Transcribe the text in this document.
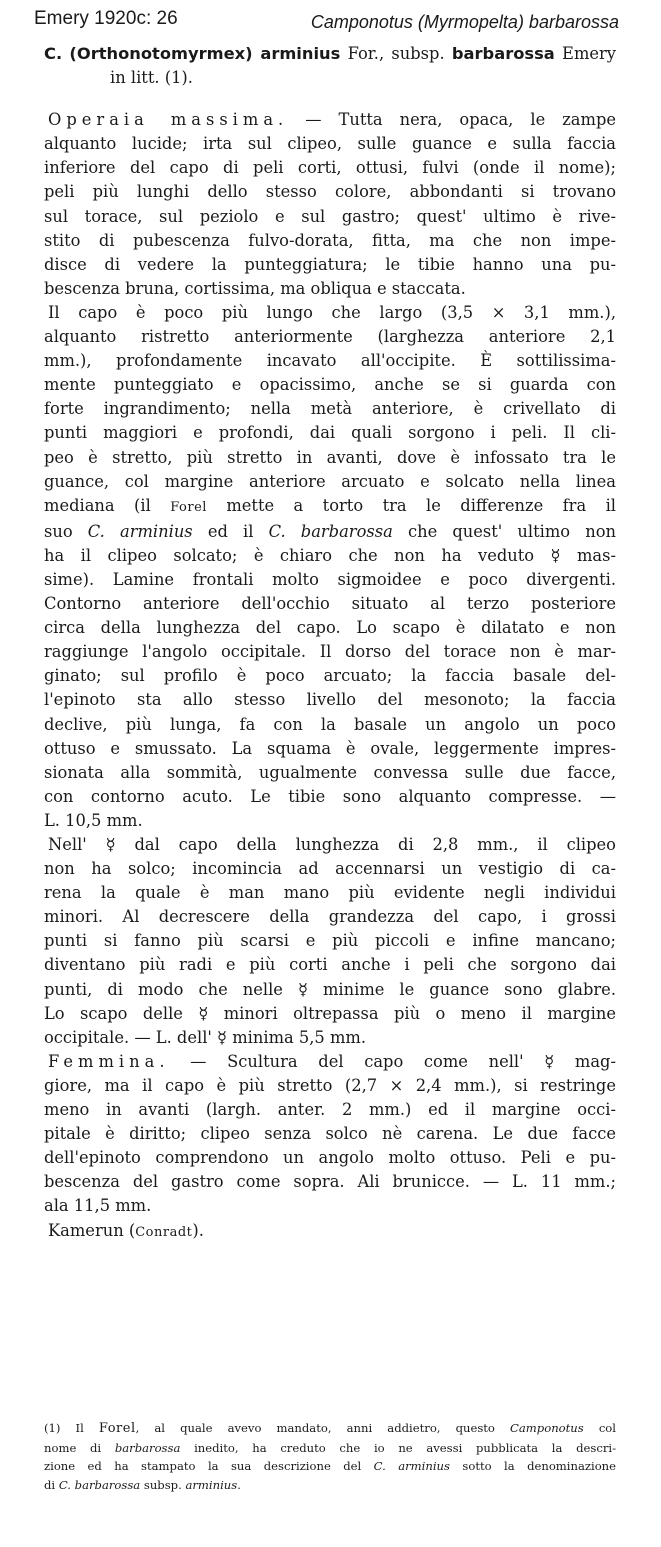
Emery 1920c: 26	Camponotus (Myrmopelta) barbarossa
C. (Orthonotomyrmex) arminius For., subsp. barbarossa Emery
in litt. (1).
Operaia massima. — Tutta nera, opaca, le zampe
alquanto lucide; irta sul clipeo, sulle guance e sulla faccia
inferiore del capo di peli corti, ottusi, fulvi (onde il nome);
peli più lunghi dello stesso colore, abbondanti si trovano
sul torace, sul peziolo e sul gastro; quest' ultimo è rive-
stito di pubescenza fulvo-dorata, fitta, ma che non impe-
disce di vedere la punteggiatura; le tibie hanno una pu-
bescenza bruna, cortissima, ma obliqua e staccata.
Il capo è poco più lungo che largo (3,5 × 3,1 mm.),
alquanto ristretto anteriormente (larghezza anteriore 2,1
mm.), profondamente incavato all'occipite. È sottilissima-
mente punteggiato e opacissimo, anche se si guarda con
forte ingrandimento; nella metà anteriore, è crivellato di
punti maggiori e profondi, dai quali sorgono i peli. Il cli-
peo è stretto, più stretto in avanti, dove è infossato tra le
guance, col margine anteriore arcuato e solcato nella linea
mediana (il Forel mette a torto tra le differenze fra il
suo C. arminius ed il C. barbarossa che quest' ultimo non
ha il clipeo solcato; è chiaro che non ha veduto ☿ mas-
sime). Lamine frontali molto sigmoidee e poco divergenti.
Contorno anteriore dell'occhio situato al terzo posteriore
circa della lunghezza del capo. Lo scapo è dilatato e non
raggiunge l'angolo occipitale. Il dorso del torace non è mar-
ginato; sul profilo è poco arcuato; la faccia basale del-
l'epinoto sta allo stesso livello del mesonoto; la faccia
declive, più lunga, fa con la basale un angolo un poco
ottuso e smussato. La squama è ovale, leggermente impres-
sionata alla sommità, ugualmente convessa sulle due facce,
con contorno acuto. Le tibie sono alquanto compresse. —
L. 10,5 mm.
Nell' ☿ dal capo della lunghezza di 2,8 mm., il clipeo
non ha solco; incomincia ad accennarsi un vestigio di ca-
rena la quale è man mano più evidente negli individui
minori. Al decrescere della grandezza del capo, i grossi
punti si fanno più scarsi e più piccoli e infine mancano;
diventano più radi e più corti anche i peli che sorgono dai
punti, di modo che nelle ☿ minime le guance sono glabre.
Lo scapo delle ☿ minori oltrepassa più o meno il margine
occipitale. — L. dell' ☿ minima 5,5 mm.
Femmina. — Scultura del capo come nell' ☿ mag-
giore, ma il capo è più stretto (2,7 × 2,4 mm.), si restringe
meno in avanti (largh. anter. 2 mm.) ed il margine occi-
pitale è diritto; clipeo senza solco nè carena. Le due facce
dell'epinoto comprendono un angolo molto ottuso. Peli e pu-
bescenza del gastro come sopra. Ali brunicce. — L. 11 mm.;
ala 11,5 mm.
Kamerun (Conradt).
(1) Il Forel, al quale avevo mandato, anni addietro, questo Camponotus col
nome di barbarossa inedito, ha creduto che io ne avessi pubblicata la descri-
zione ed ha stampato la sua descrizione del C. arminius sotto la denominazione
di C. barbarossa subsp. arminius.
